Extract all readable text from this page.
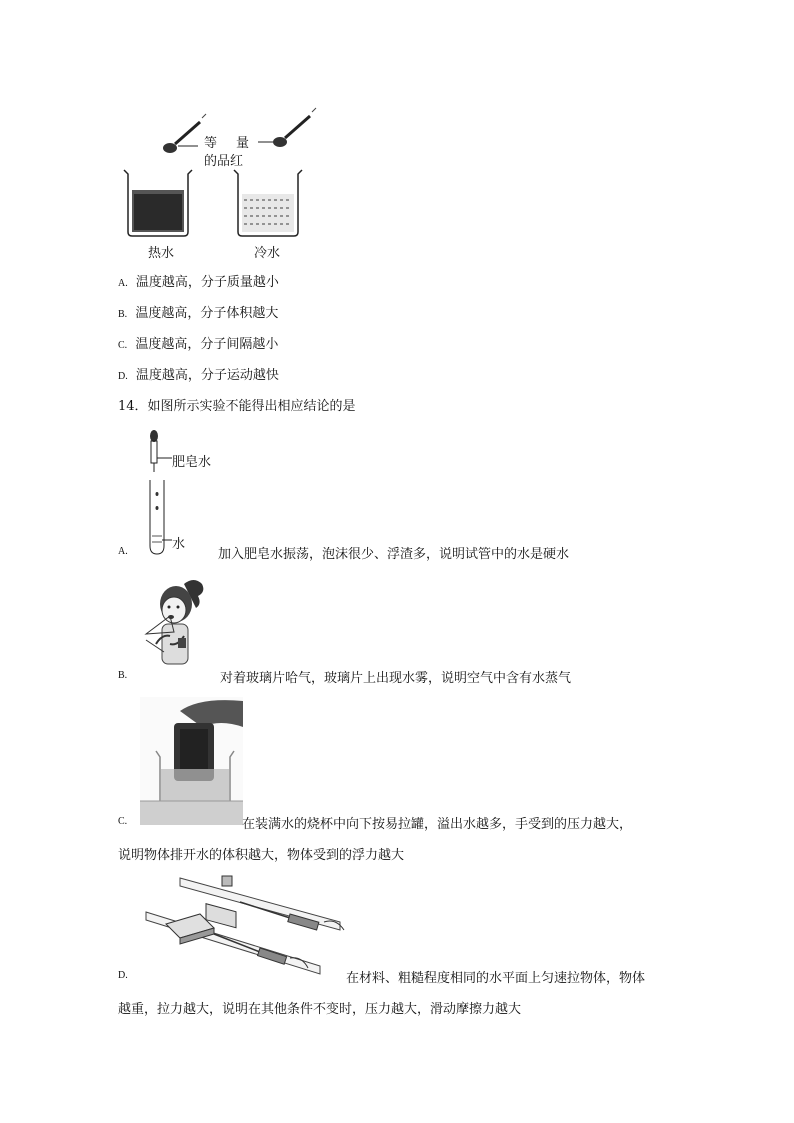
等 量
的品红
热水	冷水
A. 温度越高，分子质量越小
B. 温度越高，分子体积越大
C. 温度越高，分子间隔越小
D. 温度越高，分子运动越快
14．如图所示实验不能得出相应结论的是
肥皂水
水
A.	加入肥皂水振荡，泡沫很少、浮渣多，说明试管中的水是硬水
B.	对着玻璃片哈气，玻璃片上出现水雾，说明空气中含有水蒸气
C.	在装满水的烧杯中向下按易拉罐，溢出水越多，手受到的压力越大，
说明物体排开水的体积越大，物体受到的浮力越大
D.	在材料、粗糙程度相同的水平面上匀速拉物体，物体
越重，拉力越大，说明在其他条件不变时，压力越大，滑动摩擦力越大
